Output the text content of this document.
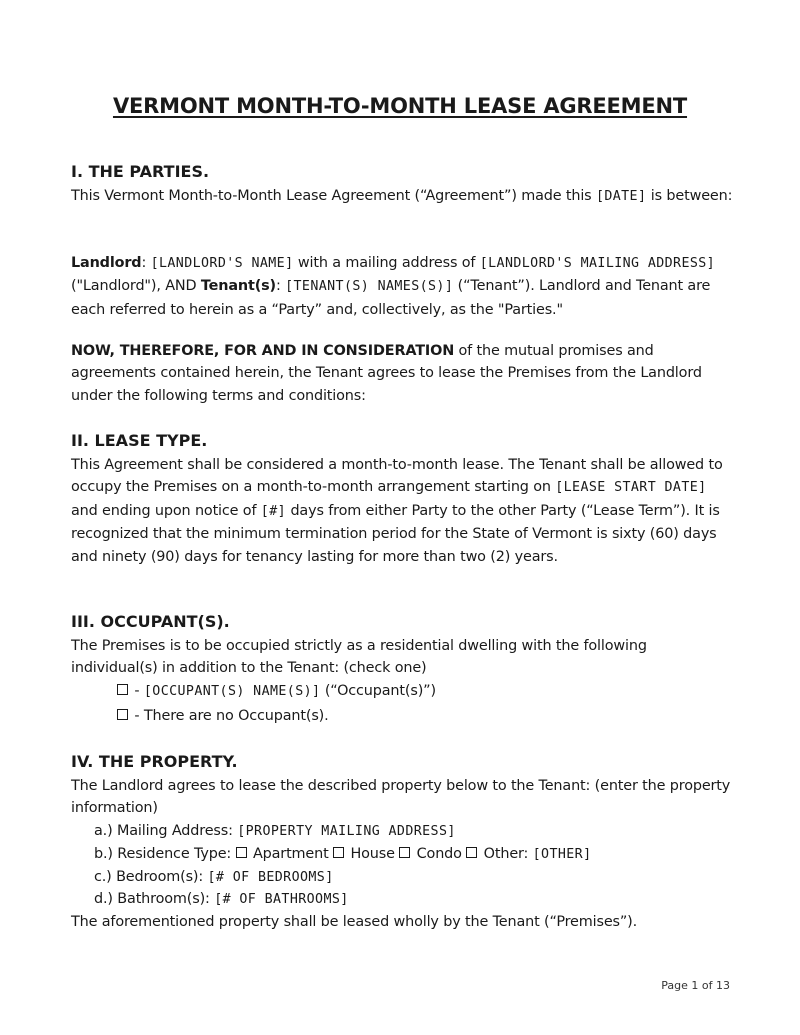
VERMONT MONTH-TO-MONTH LEASE AGREEMENT
I. THE PARTIES.
This Vermont Month-to-Month Lease Agreement (“Agreement”) made this [DATE] is between:
Landlord: [LANDLORD'S NAME] with a mailing address of [LANDLORD'S MAILING ADDRESS] ("Landlord"), AND Tenant(s): [TENANT(S) NAMES(S)] (“Tenant”). Landlord and Tenant are each referred to herein as a “Party” and, collectively, as the "Parties."
NOW, THEREFORE, FOR AND IN CONSIDERATION of the mutual promises and agreements contained herein, the Tenant agrees to lease the Premises from the Landlord under the following terms and conditions:
II. LEASE TYPE.
This Agreement shall be considered a month-to-month lease. The Tenant shall be allowed to occupy the Premises on a month-to-month arrangement starting on [LEASE START DATE] and ending upon notice of [#] days from either Party to the other Party (“Lease Term”). It is recognized that the minimum termination period for the State of Vermont is sixty (60) days and ninety (90) days for tenancy lasting for more than two (2) years.
III. OCCUPANT(S).
The Premises is to be occupied strictly as a residential dwelling with the following individual(s) in addition to the Tenant: (check one)
- [OCCUPANT(S) NAME(S)] (“Occupant(s)”)
- There are no Occupant(s).
IV. THE PROPERTY.
The Landlord agrees to lease the described property below to the Tenant: (enter the property information)
a.) Mailing Address: [PROPERTY MAILING ADDRESS]
b.) Residence Type:  Apartment  House  Condo  Other: [OTHER]
c.) Bedroom(s): [# OF BEDROOMS]
d.) Bathroom(s): [# OF BATHROOMS]
The aforementioned property shall be leased wholly by the Tenant (“Premises”).
Page 1 of 13
